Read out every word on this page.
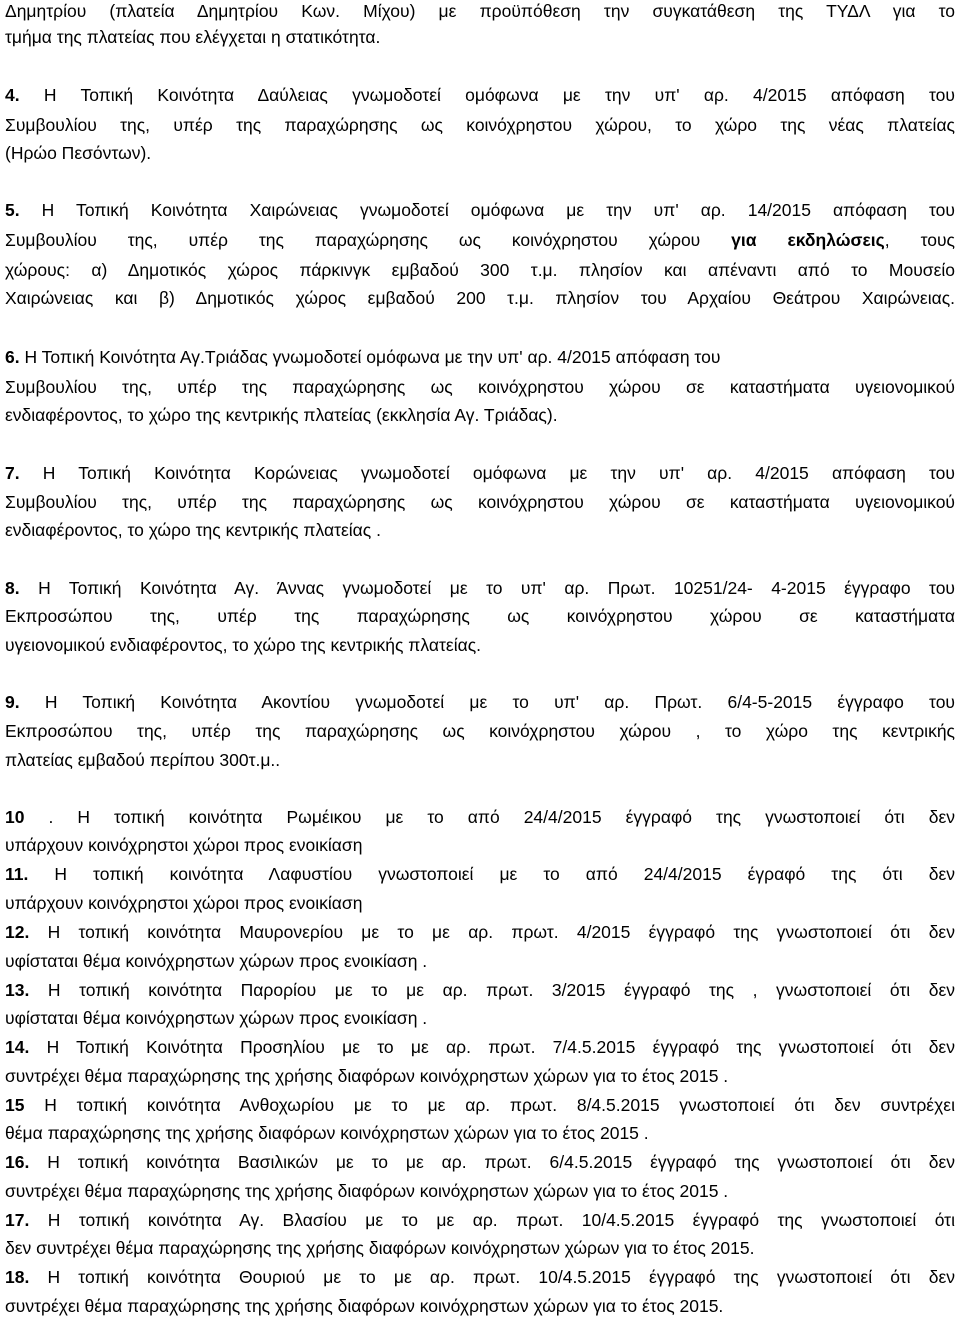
Δημητρίου (πλατεία Δημητρίου Κων. Μίχου) με προϋπόθεση την συγκατάθεση της ΤΥΔΛ για το
τμήμα της πλατείας που ελέγχεται η στατικότητα.
4. Η Τοπική Κοινότητα Δαύλειας γνωμοδοτεί ομόφωνα με την υπ' αρ. 4/2015 απόφαση του
Συμβουλίου της, υπέρ της παραχώρησης ως κοινόχρηστου χώρου, το χώρο της νέας πλατείας
(Ηρώο Πεσόντων).
5. Η Τοπική Κοινότητα Χαιρώνειας γνωμοδοτεί ομόφωνα με την υπ' αρ. 14/2015 απόφαση του
Συμβουλίου της, υπέρ της παραχώρησης ως κοινόχρηστου χώρου για εκδηλώσεις, τους
χώρους: α) Δημοτικός χώρος πάρκινγκ εμβαδού 300 τ.μ. πλησίον και απέναντι από το Μουσείο
Χαιρώνειας και β) Δημοτικός χώρος εμβαδού 200 τ.μ. πλησίον του Αρχαίου Θεάτρου Χαιρώνειας.
6. Η Τοπική Κοινότητα Αγ.Τριάδας γνωμοδοτεί ομόφωνα με την υπ' αρ. 4/2015 απόφαση του
Συμβουλίου της, υπέρ της παραχώρησης ως κοινόχρηστου χώρου σε καταστήματα υγειονομικού
ενδιαφέροντος, το χώρο της κεντρικής πλατείας (εκκλησία Αγ. Τριάδας).
7. Η Τοπική Κοινότητα Κορώνειας γνωμοδοτεί ομόφωνα με την υπ' αρ. 4/2015 απόφαση του
Συμβουλίου της, υπέρ της παραχώρησης ως κοινόχρηστου χώρου σε καταστήματα υγειονομικού
ενδιαφέροντος, το χώρο της κεντρικής πλατείας .
8. Η Τοπική Κοινότητα Αγ. Άννας γνωμοδοτεί με το υπ' αρ. Πρωτ. 10251/24- 4-2015 έγγραφο του
Εκπροσώπου της, υπέρ της παραχώρησης ως κοινόχρηστου χώρου σε καταστήματα
υγειονομικού ενδιαφέροντος, το χώρο της κεντρικής πλατείας.
9. Η Τοπική Κοινότητα Ακοντίου γνωμοδοτεί με το υπ' αρ. Πρωτ. 6/4-5-2015 έγγραφο του
Εκπροσώπου της, υπέρ της παραχώρησης ως κοινόχρηστου χώρου , το χώρο της κεντρικής
πλατείας εμβαδού περίπου 300τ.μ..
10 . Η τοπική κοινότητα Ρωμέικου με το από 24/4/2015 έγγραφό της γνωστοποιεί ότι δεν
υπάρχουν κοινόχρηστοι χώροι προς ενοικίαση
11. Η τοπική κοινότητα Λαφυστίου γνωστοποιεί με το από 24/4/2015 έγραφό της ότι δεν
υπάρχουν κοινόχρηστοι χώροι προς ενοικίαση
12. Η τοπική κοινότητα Μαυρονερίου με το με αρ. πρωτ. 4/2015 έγγραφό της γνωστοποιεί ότι δεν
υφίσταται θέμα κοινόχρηστων χώρων προς ενοικίαση .
13. Η τοπική κοινότητα Παρορίου με το με αρ. πρωτ. 3/2015 έγγραφό της , γνωστοποιεί ότι δεν
υφίσταται θέμα κοινόχρηστων χώρων προς ενοικίαση .
14. Η Τοπική Κοινότητα Προσηλίου με το με αρ. πρωτ. 7/4.5.2015 έγγραφό της γνωστοποιεί ότι δεν
συντρέχει θέμα παραχώρησης της χρήσης διαφόρων κοινόχρηστων χώρων για το έτος 2015 .
15 Η τοπική κοινότητα Ανθοχωρίου με το με αρ. πρωτ. 8/4.5.2015 γνωστοποιεί ότι δεν συντρέχει
θέμα παραχώρησης της χρήσης διαφόρων κοινόχρηστων χώρων για το έτος 2015 .
16. Η τοπική κοινότητα Βασιλικών με το με αρ. πρωτ. 6/4.5.2015 έγγραφό της γνωστοποιεί ότι δεν
συντρέχει θέμα παραχώρησης της χρήσης διαφόρων κοινόχρηστων χώρων για το έτος 2015 .
17. Η τοπική κοινότητα Αγ. Βλασίου με το με αρ. πρωτ. 10/4.5.2015 έγγραφό της γνωστοποιεί ότι
δεν συντρέχει θέμα παραχώρησης της χρήσης διαφόρων κοινόχρηστων χώρων για το έτος 2015.
18. Η τοπική κοινότητα Θουριού με το με αρ. πρωτ. 10/4.5.2015 έγγραφό της γνωστοποιεί ότι δεν
συντρέχει θέμα παραχώρησης της χρήσης διαφόρων κοινόχρηστων χώρων για το έτος 2015.
